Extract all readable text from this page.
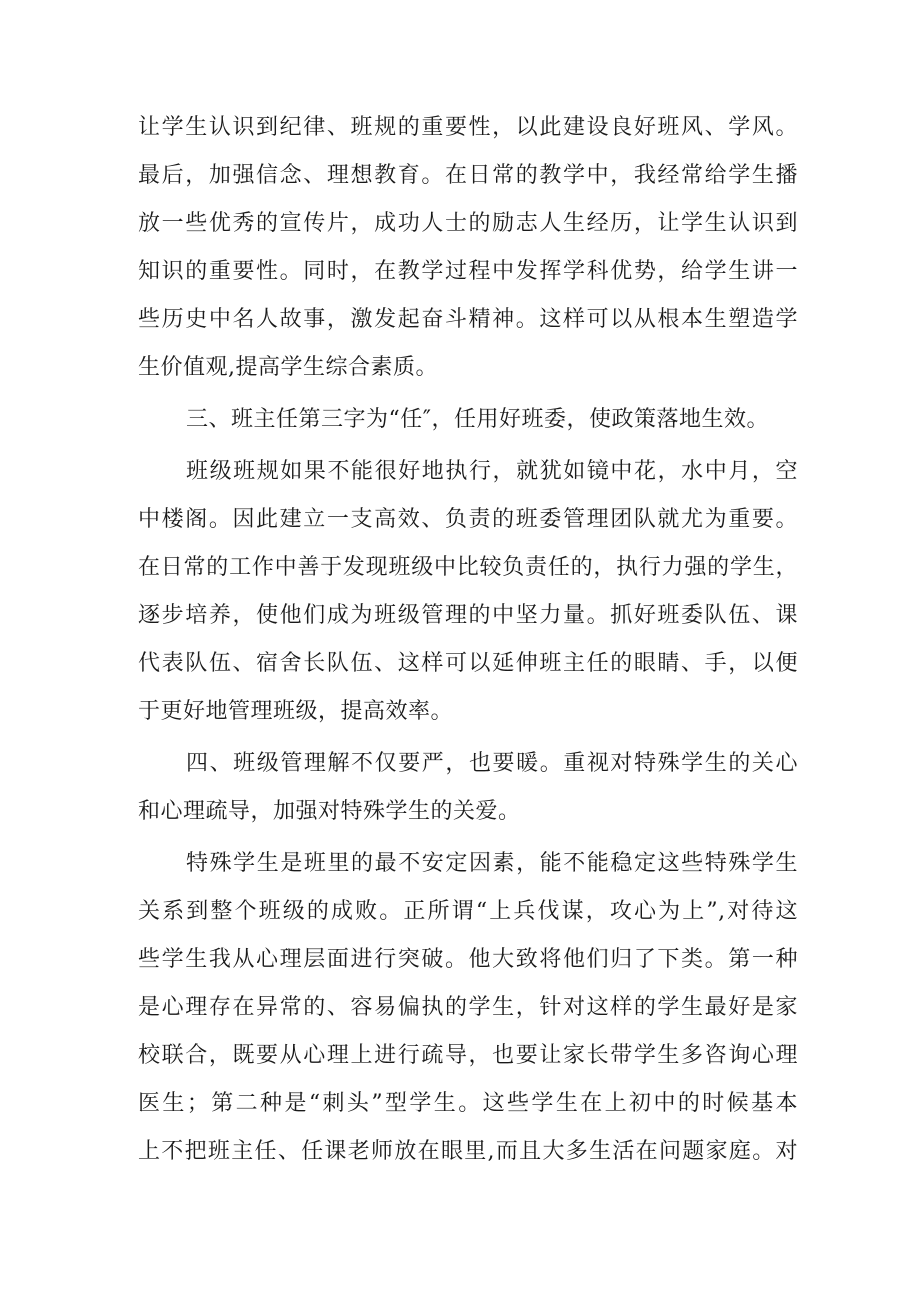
让学生认识到纪律、班规的重要性，以此建设良好班风、学风。

最后，加强信念、理想教育。在日常的教学中，我经常给学生播

放一些优秀的宣传片，成功人士的励志人生经历，让学生认识到

知识的重要性。同时，在教学过程中发挥学科优势，给学生讲一

些历史中名人故事，激发起奋斗精神。这样可以从根本生塑造学

生价值观,提高学生综合素质。

三、班主任第三字为“任″，任用好班委，使政策落地生效。

班级班规如果不能很好地执行，就犹如镜中花，水中月，空

中楼阁。因此建立一支高效、负责的班委管理团队就尤为重要。

在日常的工作中善于发现班级中比较负责任的，执行力强的学生，

逐步培养，使他们成为班级管理的中坚力量。抓好班委队伍、课

代表队伍、宿舍长队伍、这样可以延伸班主任的眼睛、手，以便

于更好地管理班级，提高效率。

四、班级管理解不仅要严，也要暖。重视对特殊学生的关心

和心理疏导，加强对特殊学生的关爱。

特殊学生是班里的最不安定因素，能不能稳定这些特殊学生

关系到整个班级的成败。正所谓“上兵伐谋，攻心为上”,对待这

些学生我从心理层面进行突破。他大致将他们归了下类。第一种

是心理存在异常的、容易偏执的学生，针对这样的学生最好是家

校联合，既要从心理上进行疏导，也要让家长带学生多咨询心理

医生；第二种是“刺头”型学生。这些学生在上初中的时候基本

上不把班主任、任课老师放在眼里,而且大多生活在问题家庭。对
